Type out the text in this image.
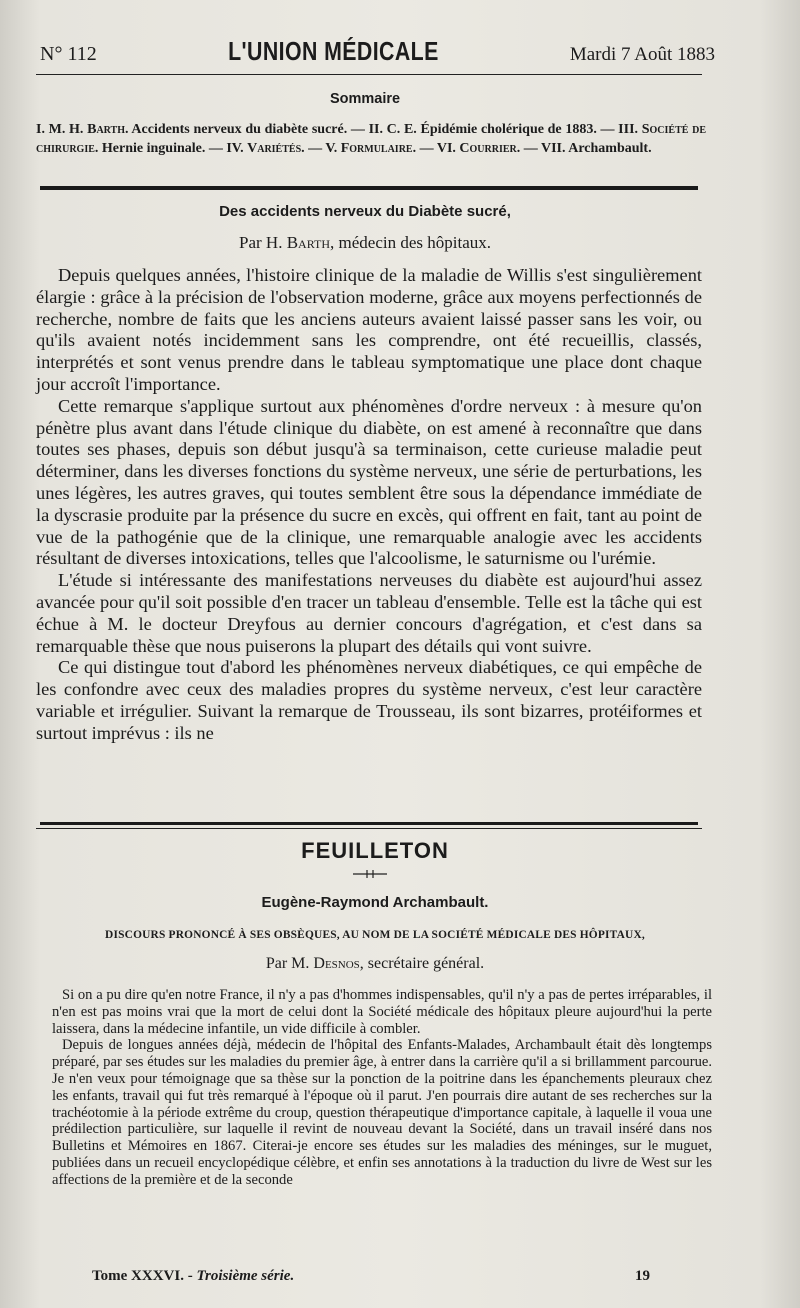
N° 112	L'UNION MÉDICALE	Mardi 7 Août 1883
Sommaire
I. M. H. Barth. Accidents nerveux du diabète sucré. — II. C. E. Épidémie cholérique de 1883. — III. Société de chirurgie. Hernie inguinale. — IV. Variétés. — V. Formulaire. — VI. Courrier. — VII. Archambault.
Des accidents nerveux du Diabète sucré,
Par H. Barth, médecin des hôpitaux.

Depuis quelques années, l'histoire clinique de la maladie de Willis s'est singulièrement élargie : grâce à la précision de l'observation moderne, grâce aux moyens perfectionnés de recherche, nombre de faits que les anciens auteurs avaient laissé passer sans les voir, ou qu'ils avaient notés incidemment sans les comprendre, ont été recueillis, classés, interprétés et sont venus prendre dans le tableau symptomatique une place dont chaque jour accroît l'importance.

Cette remarque s'applique surtout aux phénomènes d'ordre nerveux : à mesure qu'on pénètre plus avant dans l'étude clinique du diabète, on est amené à reconnaître que dans toutes ses phases, depuis son début jusqu'à sa terminaison, cette curieuse maladie peut déterminer, dans les diverses fonctions du système nerveux, une série de perturbations, les unes légères, les autres graves, qui toutes semblent être sous la dépendance immédiate de la dyscrasie produite par la présence du sucre en excès, qui offrent en fait, tant au point de vue de la pathogénie que de la clinique, une remarquable analogie avec les accidents résultant de diverses intoxications, telles que l'alcoolisme, le saturnisme ou l'urémie.

L'étude si intéressante des manifestations nerveuses du diabète est aujourd'hui assez avancée pour qu'il soit possible d'en tracer un tableau d'ensemble. Telle est la tâche qui est échue à M. le docteur Dreyfous au dernier concours d'agrégation, et c'est dans sa remarquable thèse que nous puiserons la plupart des détails qui vont suivre.

Ce qui distingue tout d'abord les phénomènes nerveux diabétiques, ce qui empêche de les confondre avec ceux des maladies propres du système nerveux, c'est leur caractère variable et irrégulier. Suivant la remarque de Trousseau, ils sont bizarres, protéiformes et surtout imprévus : ils ne

FEUILLETON
Eugène-Raymond Archambault.
DISCOURS PRONONCÉ À SES OBSÈQUES, AU NOM DE LA SOCIÉTÉ MÉDICALE DES HÔPITAUX,
Par M. Desnos, secrétaire général.

Si on a pu dire qu'en notre France, il n'y a pas d'hommes indispensables, qu'il n'y a pas de pertes irréparables, il n'en est pas moins vrai que la mort de celui dont la Société médicale des hôpitaux pleure aujourd'hui la perte laissera, dans la médecine infantile, un vide difficile à combler.

Depuis de longues années déjà, médecin de l'hôpital des Enfants-Malades, Archambault était dès longtemps préparé, par ses études sur les maladies du premier âge, à entrer dans la carrière qu'il a si brillamment parcourue. Je n'en veux pour témoignage que sa thèse sur la ponction de la poitrine dans les épanchements pleuraux chez les enfants, travail qui fut très remarqué à l'époque où il parut. J'en pourrais dire autant de ses recherches sur la trachéotomie à la période extrême du croup, question thérapeutique d'importance capitale, à laquelle il voua une prédilection particulière, sur laquelle il revint de nouveau devant la Société, dans un travail inséré dans nos Bulletins et Mémoires en 1867. Citerai-je encore ses études sur les maladies des méninges, sur le muguet, publiées dans un recueil encyclopédique célèbre, et enfin ses annotations à la traduction du livre de West sur les affections de la première et de la seconde

Tome XXXVI. - Troisième série.	19
